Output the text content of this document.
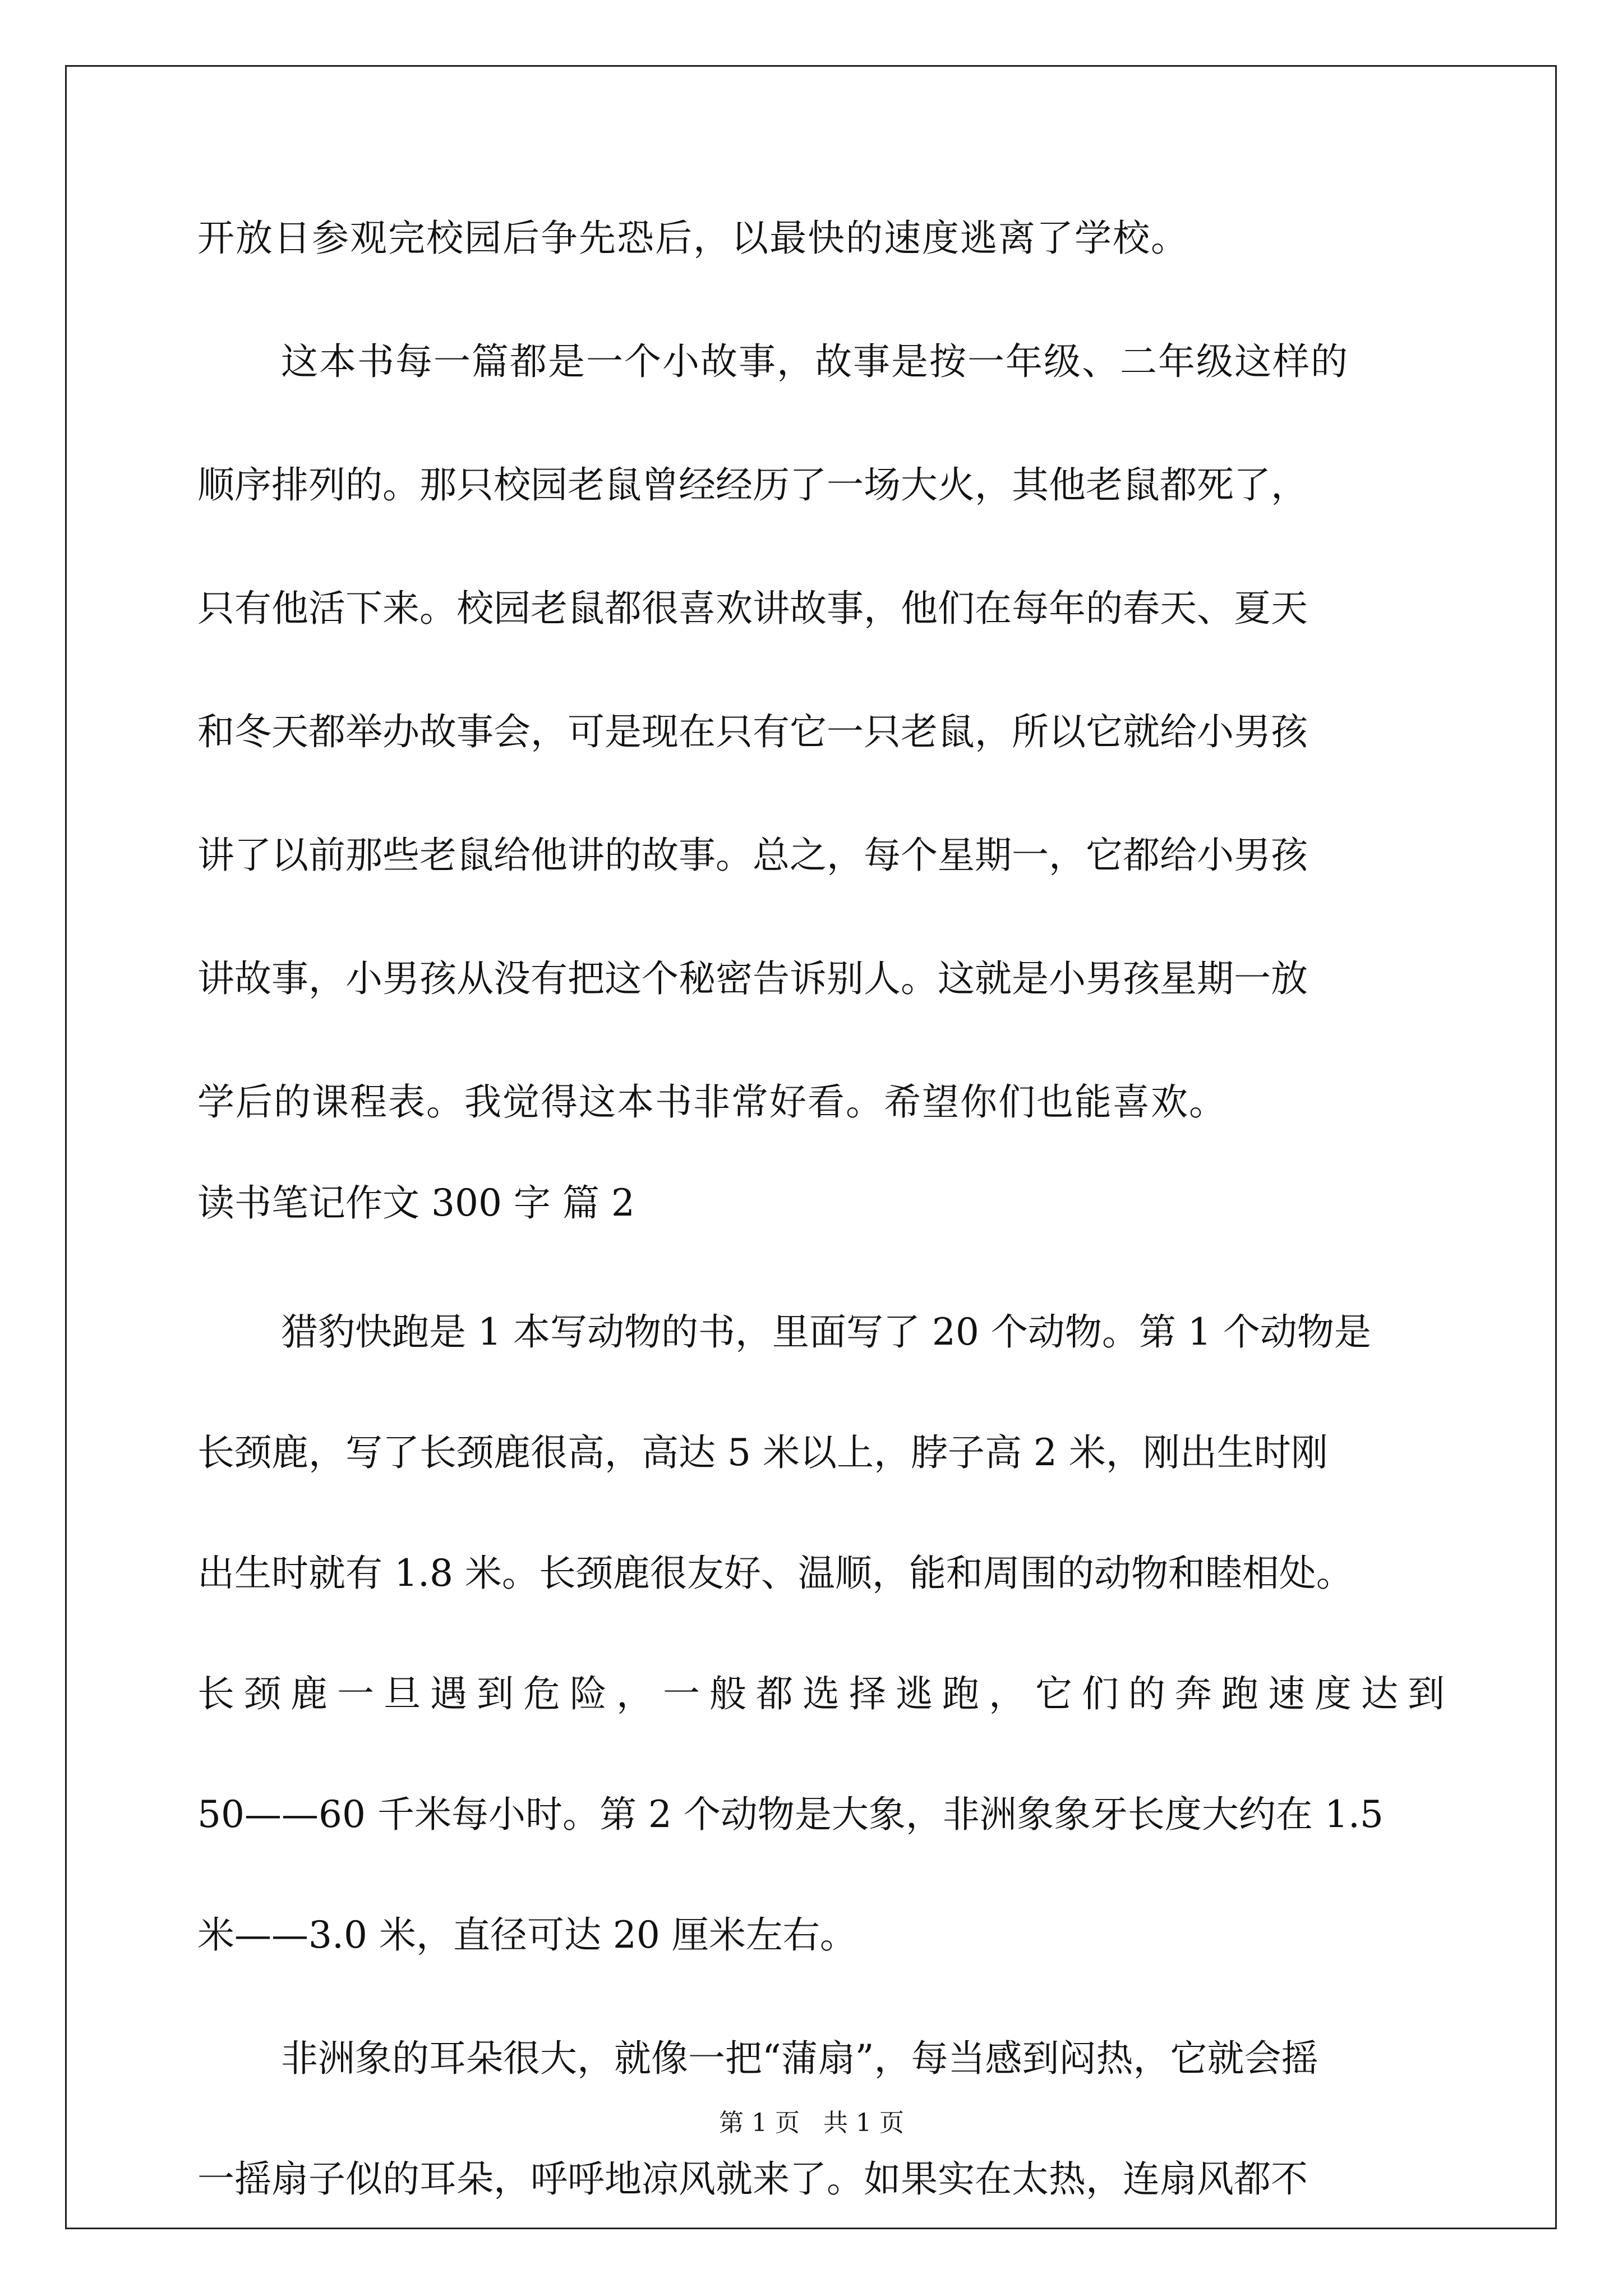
开放日参观完校园后争先恐后，以最快的速度逃离了学校。
这本书每一篇都是一个小故事，故事是按一年级、二年级这样的
顺序排列的。那只校园老鼠曾经经历了一场大火，其他老鼠都死了，
只有他活下来。校园老鼠都很喜欢讲故事，他们在每年的春天、夏天
和冬天都举办故事会，可是现在只有它一只老鼠，所以它就给小男孩
讲了以前那些老鼠给他讲的故事。总之，每个星期一，它都给小男孩
讲故事，小男孩从没有把这个秘密告诉别人。这就是小男孩星期一放
学后的课程表。我觉得这本书非常好看。希望你们也能喜欢。
读书笔记作文 300 字 篇 2
猎豹快跑是 1 本写动物的书，里面写了 20 个动物。第 1 个动物是
长颈鹿，写了长颈鹿很高，高达 5 米以上，脖子高 2 米，刚出生时刚
出生时就有 1.8 米。长颈鹿很友好、温顺，能和周围的动物和睦相处。
长颈鹿一旦遇到危险，一般都选择逃跑，它们的奔跑速度达到
50——60 千米每小时。第 2 个动物是大象，非洲象象牙长度大约在 1.5
米——3.0 米，直径可达 20 厘米左右。
非洲象的耳朵很大，就像一把“蒲扇”，每当感到闷热，它就会摇
一摇扇子似的耳朵，呼呼地凉风就来了。如果实在太热，连扇风都不
第 1 页 共 1 页
